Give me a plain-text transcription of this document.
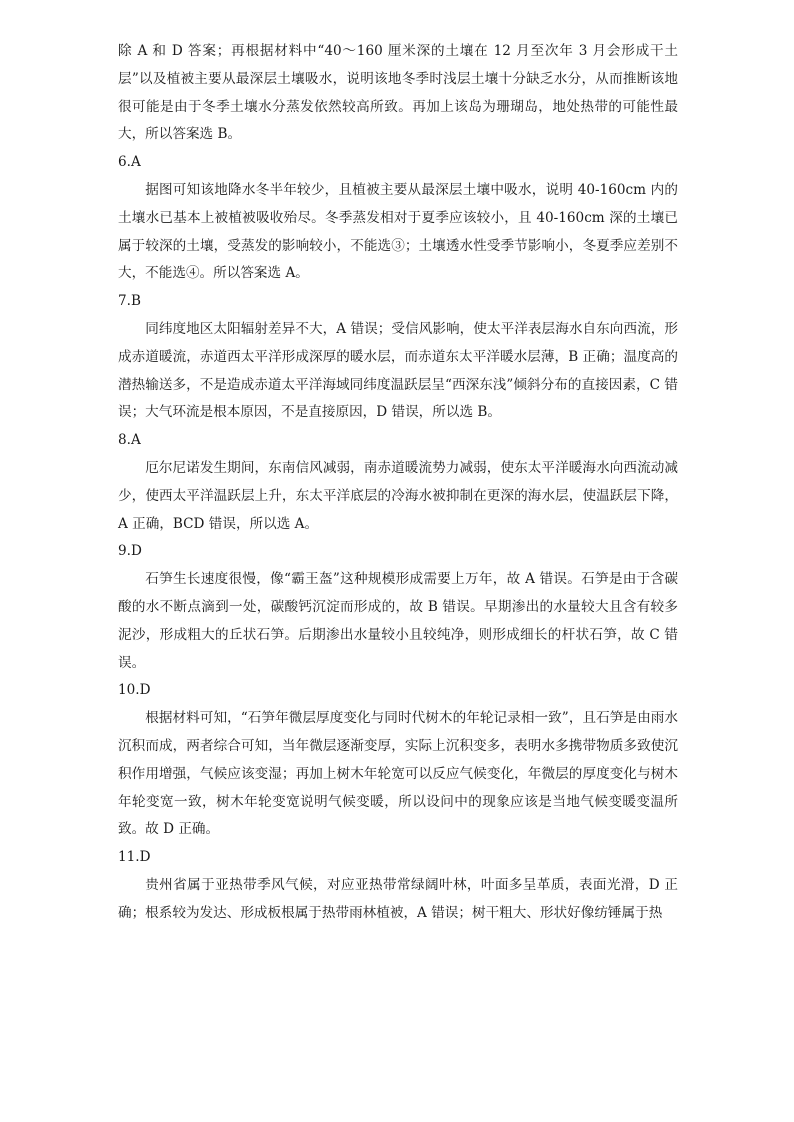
除 A 和 D 答案；再根据材料中“40～160 厘米深的土壤在 12 月至次年 3 月会形成干土层”以及植被主要从最深层土壤吸水，说明该地冬季时浅层土壤十分缺乏水分，从而推断该地很可能是由于冬季土壤水分蒸发依然较高所致。再加上该岛为珊瑚岛，地处热带的可能性最大，所以答案选 B。

6.A

据图可知该地降水冬半年较少，且植被主要从最深层土壤中吸水，说明 40-160cm 内的土壤水已基本上被植被吸收殆尽。冬季蒸发相对于夏季应该较小，且 40-160cm 深的土壤已属于较深的土壤，受蒸发的影响较小，不能选③；土壤透水性受季节影响小，冬夏季应差别不大，不能选④。所以答案选 A。

7.B

同纬度地区太阳辐射差异不大，A 错误；受信风影响，使太平洋表层海水自东向西流，形成赤道暖流，赤道西太平洋形成深厚的暖水层，而赤道东太平洋暖水层薄，B 正确；温度高的潜热输送多，不是造成赤道太平洋海域同纬度温跃层呈“西深东浅”倾斜分布的直接因素，C 错误；大气环流是根本原因，不是直接原因，D 错误，所以选 B。

8.A

厄尔尼诺发生期间，东南信风减弱，南赤道暖流势力减弱，使东太平洋暖海水向西流动减少，使西太平洋温跃层上升，东太平洋底层的冷海水被抑制在更深的海水层，使温跃层下降，A 正确，BCD 错误，所以选 A。

9.D

石笋生长速度很慢，像“霸王盔”这种规模形成需要上万年，故 A 错误。石笋是由于含碳酸的水不断点滴到一处，碳酸钙沉淀而形成的，故 B 错误。早期渗出的水量较大且含有较多泥沙，形成粗大的丘状石笋。后期渗出水量较小且较纯净，则形成细长的杆状石笋，故 C 错误。

10.D

根据材料可知，“石笋年微层厚度变化与同时代树木的年轮记录相一致”，且石笋是由雨水沉积而成，两者综合可知，当年微层逐渐变厚，实际上沉积变多，表明水多携带物质多致使沉积作用增强，气候应该变湿；再加上树木年轮宽可以反应气候变化，年微层的厚度变化与树木年轮变宽一致，树木年轮变宽说明气候变暖，所以设问中的现象应该是当地气候变暖变温所致。故 D 正确。

11.D

贵州省属于亚热带季风气候，对应亚热带常绿阔叶林，叶面多呈革质，表面光滑，D 正确；根系较为发达、形成板根属于热带雨林植被，A 错误；树干粗大、形状好像纺锤属于热
